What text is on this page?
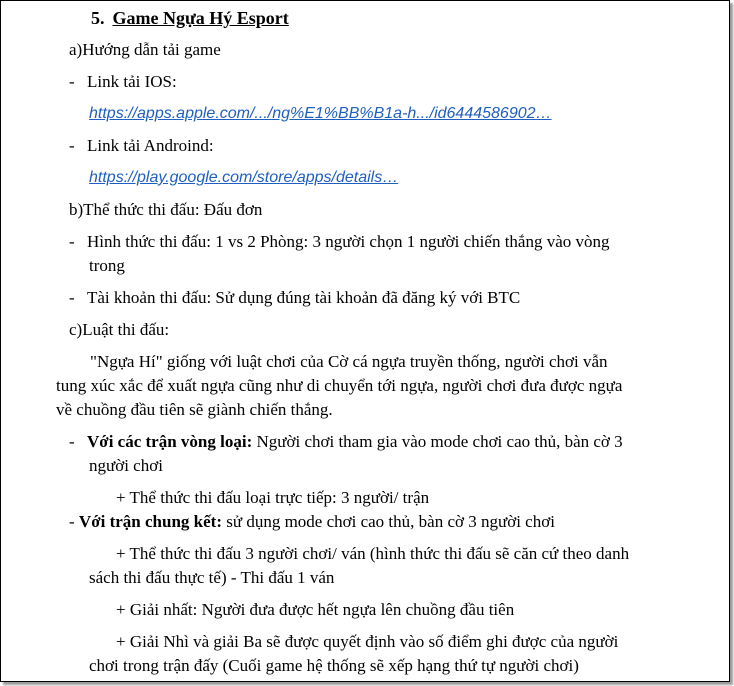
5. Game Ngựa Hý Esport
a)Hướng dẫn tải game
- Link tải IOS:
https://apps.apple.com/.../ng%E1%BB%B1a-h.../id6444586902…
- Link tải Androind:
https://play.google.com/store/apps/details…
b)Thể thức thi đấu: Đấu đơn
- Hình thức thi đấu: 1 vs 2 Phòng: 3 người chọn 1 người chiến thắng vào vòng
trong
- Tài khoản thi đấu: Sử dụng đúng tài khoản đã đăng ký với BTC
c)Luật thi đấu:
"Ngựa Hí" giống với luật chơi của Cờ cá ngựa truyền thống, người chơi vẫn
tung xúc xắc để xuất ngựa cũng như di chuyển tới ngựa, người chơi đưa được ngựa
về chuồng đầu tiên sẽ giành chiến thắng.
- Với các trận vòng loại: Người chơi tham gia vào mode chơi cao thủ, bàn cờ 3
người chơi
+ Thể thức thi đấu loại trực tiếp: 3 người/ trận
- Với trận chung kết: sử dụng mode chơi cao thủ, bàn cờ 3 người chơi
+ Thể thức thi đấu 3 người chơi/ ván (hình thức thi đấu sẽ căn cứ theo danh
sách thi đấu thực tế) - Thi đấu 1 ván
+ Giải nhất: Người đưa được hết ngựa lên chuồng đầu tiên
+ Giải Nhì và giải Ba sẽ được quyết định vào số điểm ghi được của người
chơi trong trận đấy (Cuối game hệ thống sẽ xếp hạng thứ tự người chơi)
